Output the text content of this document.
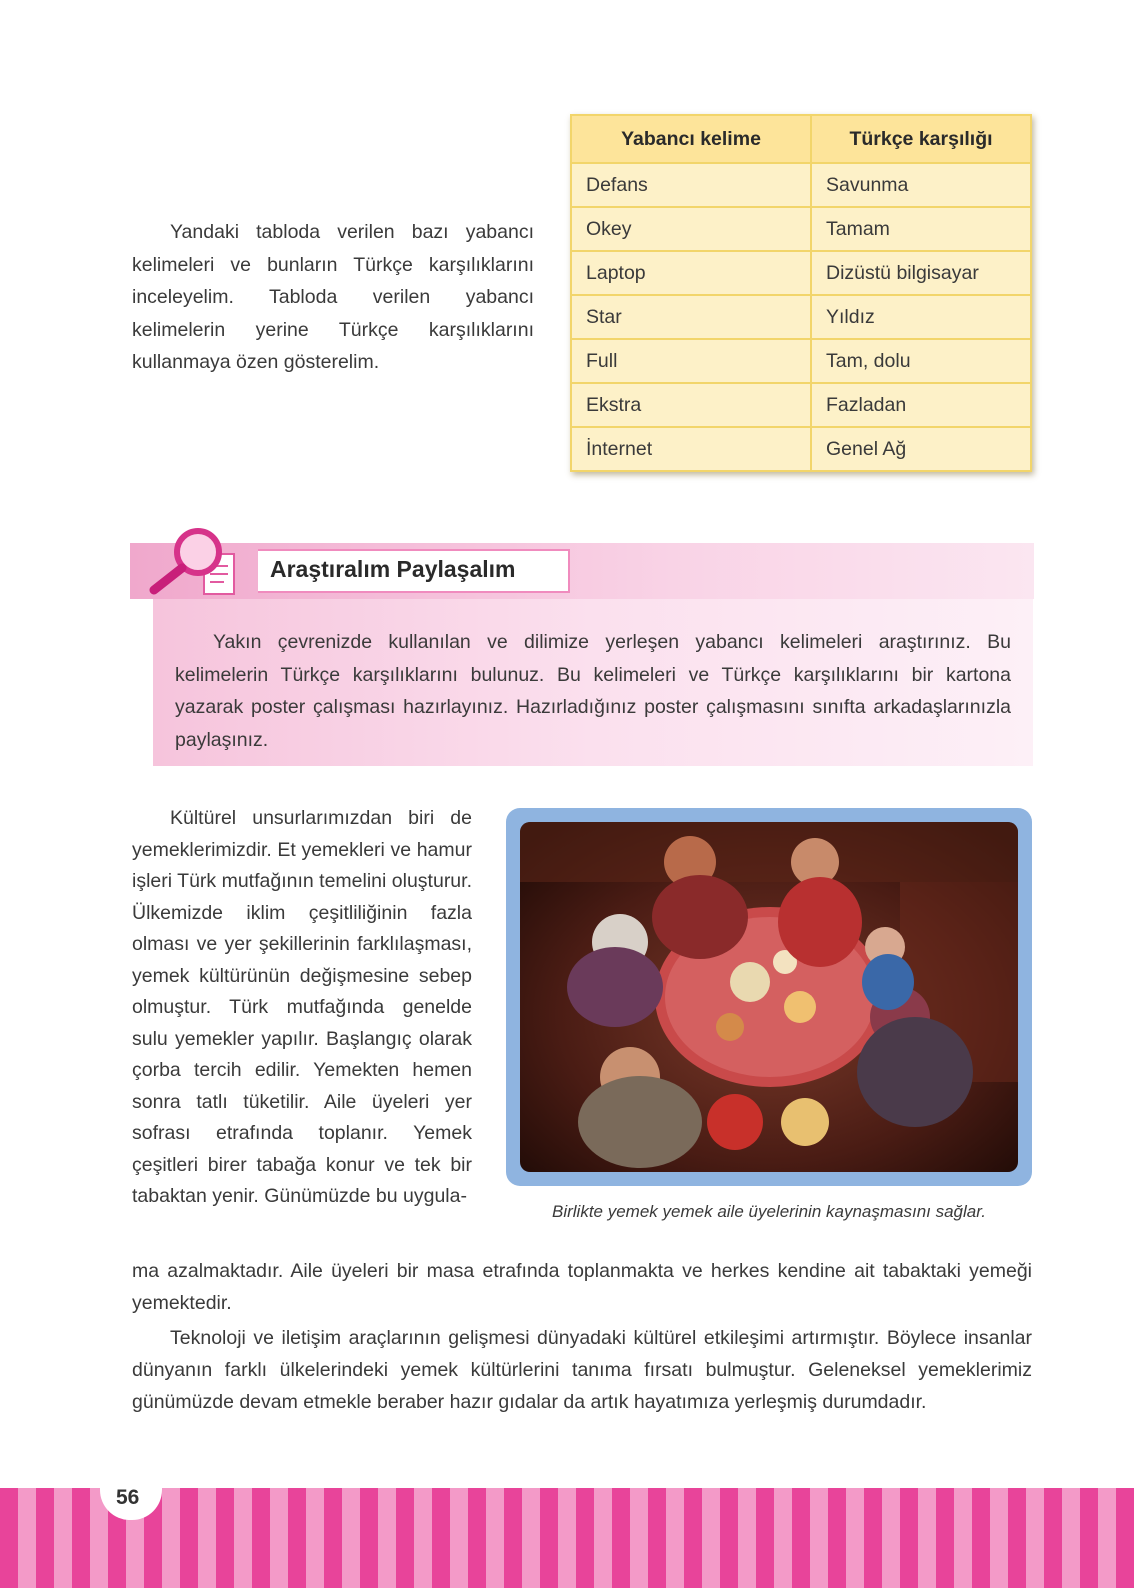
Yandaki tabloda verilen bazı yabancı kelimeleri ve bunların Türkçe karşılıklarını inceleyelim. Tabloda verilen yabancı kelimelerin yerine Türkçe karşılıklarını kullanmaya özen gösterelim.

Yabancı kelime	Türkçe karşılığı
Defans	Savunma
Okey	Tamam
Laptop	Dizüstü bilgisayar
Star	Yıldız
Full	Tam, dolu
Ekstra	Fazladan
İnternet	Genel Ağ
Araştıralım Paylaşalım

Yakın çevrenizde kullanılan ve dilimize yerleşen yabancı kelimeleri araştırınız. Bu kelimelerin Türkçe karşılıklarını bulunuz. Bu kelimeleri ve Türkçe karşılıklarını bir kartona yazarak poster çalışması hazırlayınız. Hazırladığınız poster çalışmasını sınıfta arkadaşlarınızla paylaşınız.

Kültürel unsurlarımızdan biri de yemeklerimizdir. Et yemekleri ve hamur işleri Türk mutfağının temelini oluşturur. Ülkemizde iklim çeşitliliğinin fazla olması ve yer şekillerinin farklılaşması, yemek kültürünün değişmesine sebep olmuştur. Türk mutfağında genelde sulu yemekler yapılır. Başlangıç olarak çorba tercih edilir. Yemekten hemen sonra tatlı tüketilir. Aile üyeleri yer sofrası etrafında toplanır. Yemek çeşitleri birer tabağa konur ve tek bir tabaktan yenir. Günümüzde bu uygula-

Birlikte yemek yemek aile üyelerinin kaynaşmasını sağlar.

ma azalmaktadır. Aile üyeleri bir masa etrafında toplanmakta ve herkes kendine ait tabaktaki yemeği yemektedir.

Teknoloji ve iletişim araçlarının gelişmesi dünyadaki kültürel etkileşimi artırmıştır. Böylece insanlar dünyanın farklı ülkelerindeki yemek kültürlerini tanıma fırsatı bulmuştur. Geleneksel yemeklerimiz günümüzde devam etmekle beraber hazır gıdalar da artık hayatımıza yerleşmiş durumdadır.

56
